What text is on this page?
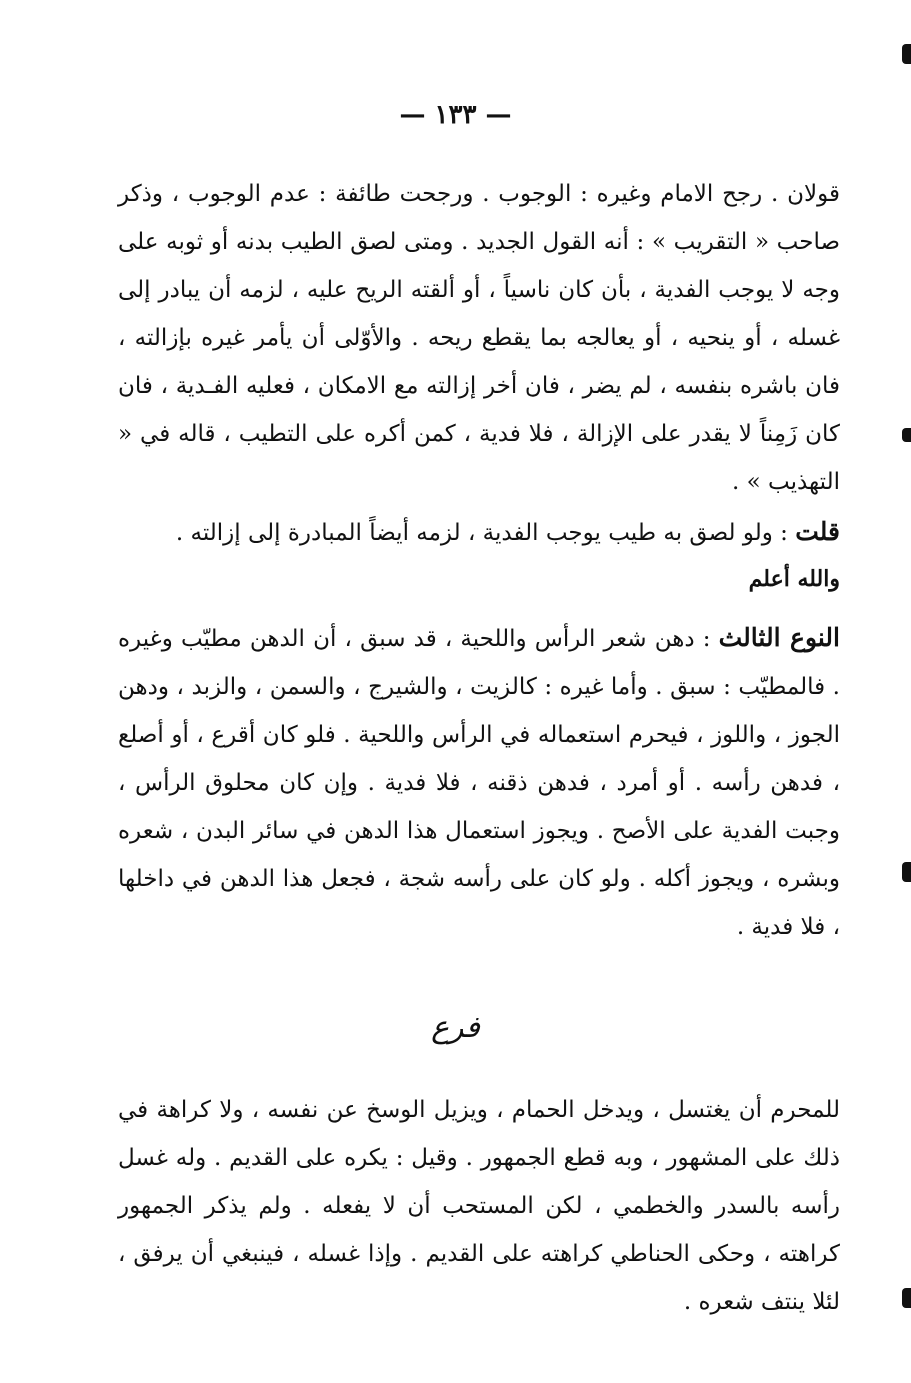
— ١٣٣ —
قولان . رجح الامام وغيره : الوجوب . ورجحت طائفة : عدم الوجوب ، وذكر صاحب « التقريب » : أنه القول الجديد . ومتى لصق الطيب بدنه أو ثوبه على وجه لا يوجب الفدية ، بأن كان ناسياً ، أو ألقته الريح عليه ، لزمه أن يبادر إلى غسله ، أو ينحيه ، أو يعالجه بما يقطع ريحه . والأوّلى أن يأمر غيره بإزالته ، فان باشره بنفسه ، لم يضر ، فان أخر إزالته مع الامكان ، فعليه الفـدية ، فان كان زَمِناً لا يقدر على الإزالة ، فلا فدية ، كمن أكره على التطيب ، قاله في « التهذيب » .
قلت : ولو لصق به طيب يوجب الفدية ، لزمه أيضاً المبادرة إلى إزالته .
والله أعلم
النوع الثالث : دهن شعر الرأس واللحية ، قد سبق ، أن الدهن مطيّب وغيره . فالمطيّب : سبق . وأما غيره : كالزيت ، والشيرج ، والسمن ، والزبد ، ودهن الجوز ، واللوز ، فيحرم استعماله في الرأس واللحية . فلو كان أقرع ، أو أصلع ، فدهن رأسه . أو أمرد ، فدهن ذقنه ، فلا فدية . وإن كان محلوق الرأس ، وجبت الفدية على الأصح . ويجوز استعمال هذا الدهن في سائر البدن ، شعره وبشره ، ويجوز أكله . ولو كان على رأسه شجة ، فجعل هذا الدهن في داخلها ، فلا فدية .
فرع
للمحرم أن يغتسل ، ويدخل الحمام ، ويزيل الوسخ عن نفسه ، ولا كراهة في ذلك على المشهور ، وبه قطع الجمهور . وقيل : يكره على القديم . وله غسل رأسه بالسدر والخطمي ، لكن المستحب أن لا يفعله . ولم يذكر الجمهور كراهته ، وحكى الحناطي كراهته على القديم . وإذا غسله ، فينبغي أن يرفق ، لئلا ينتف شعره .
